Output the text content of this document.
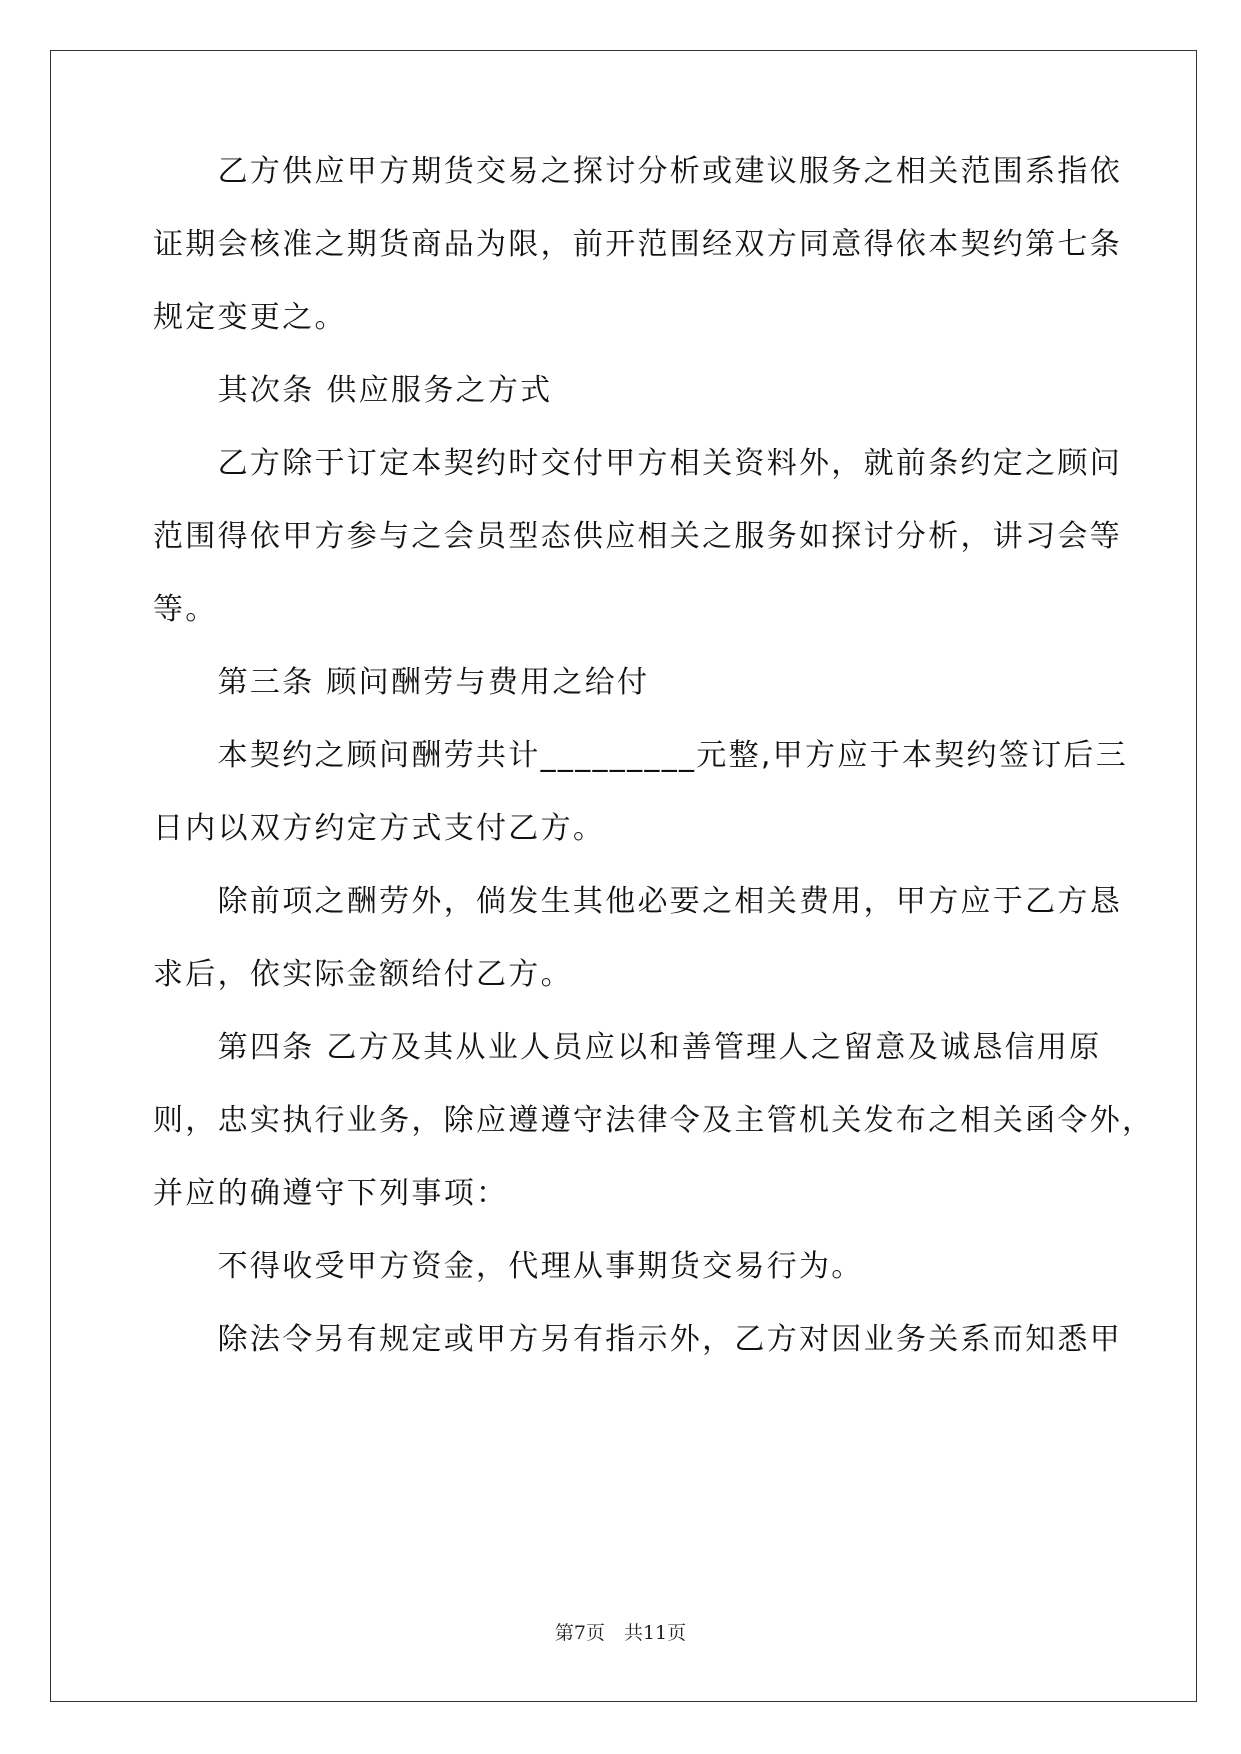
　　乙方供应甲方期货交易之探讨分析或建议服务之相关范围系指依
证期会核准之期货商品为限，前开范围经双方同意得依本契约第七条
规定变更之。
　　其次条 供应服务之方式
　　乙方除于订定本契约时交付甲方相关资料外，就前条约定之顾问
范围得依甲方参与之会员型态供应相关之服务如探讨分析，讲习会等
等。
　　第三条 顾问酬劳与费用之给付
　　本契约之顾问酬劳共计_________元整,甲方应于本契约签订后三
日内以双方约定方式支付乙方。
　　除前项之酬劳外，倘发生其他必要之相关费用，甲方应于乙方恳
求后，依实际金额给付乙方。
　　第四条 乙方及其从业人员应以和善管理人之留意及诚恳信用原
则，忠实执行业务，除应遵遵守法律令及主管机关发布之相关函令外，
并应的确遵守下列事项：
　　不得收受甲方资金，代理从事期货交易行为。
　　除法令另有规定或甲方另有指示外，乙方对因业务关系而知悉甲
第7页　共11页
